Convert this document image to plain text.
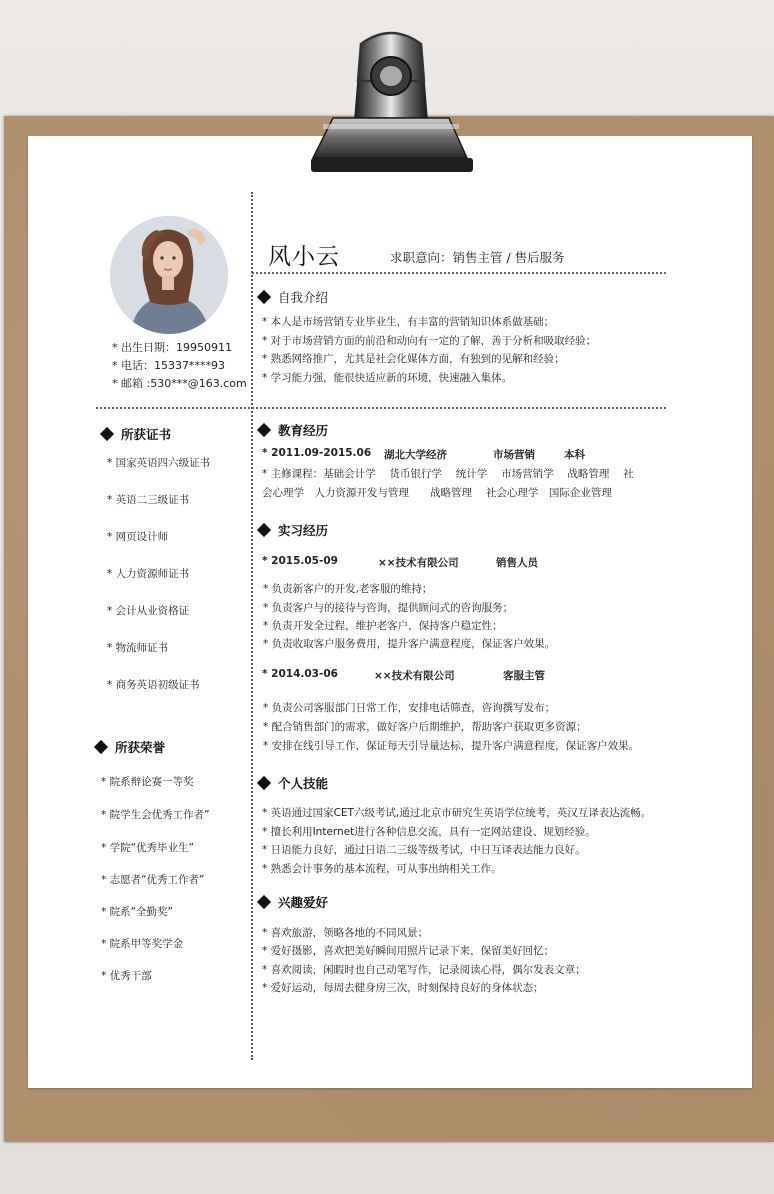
* 出生日期：19950911
* 电话：15337****93
* 邮箱 :530***@163.com
风小云	求职意向：销售主管 / 售后服务
所获证书
* 国家英语四六级证书
* 英语二三级证书
* 网页设计师
* 人力资源师证书
* 会计从业资格证
* 物流师证书
* 商务英语初级证书
所获荣誉
* 院系辩论赛一等奖
* 院学生会优秀工作者”
* 学院“优秀毕业生”
* 志愿者“优秀工作者”
* 院系“全勤奖”
* 院系甲等奖学金
* 优秀干部
自我介绍
* 本人是市场营销专业毕业生，有丰富的营销知识体系做基础；
* 对于市场营销方面的前沿和动向有一定的了解，善于分析和吸取经验；
* 熟悉网络推广，尤其是社会化媒体方面，有独到的见解和经验；
* 学习能力强，能很快适应新的环境，快速融入集体。
教育经历
* 2011.09-2015.06 湖北大学经济	市场营销	本科
* 主修课程：基础会计学　 货币银行学　 统计学　 市场营销学　 战略管理　 社
会心理学　人力资源开发与管理　　战略管理　 社会心理学　国际企业管理
实习经历
* 2015.05-09	××技术有限公司	销售人员
* 负责新客户的开发,老客服的维持；
* 负责客户与的接待与咨询，提供顾问式的咨询服务；
* 负责开发全过程，维护老客户，保持客户稳定性；
* 负责收取客户服务费用，提升客户满意程度，保证客户效果。
* 2014.03-06	××技术有限公司	客服主管
* 负责公司客服部门日常工作，安排电话筛查，咨询撰写发布；
* 配合销售部门的需求，做好客户后期维护，帮助客户获取更多资源；
* 安排在线引导工作，保证每天引导量达标，提升客户满意程度，保证客户效果。
个人技能
* 英语通过国家CET六级考试,通过北京市研究生英语学位统考，英汉互译表达流畅。
* 擅长利用Internet进行各种信息交流，具有一定网站建设、规划经验。
* 日语能力良好，通过日语二三级等级考试，中日互译表达能力良好。
* 熟悉会计事务的基本流程，可从事出纳相关工作。
兴趣爱好
* 喜欢旅游，领略各地的不同风景；
* 爱好摄影，喜欢把美好瞬间用照片记录下来，保留美好回忆；
* 喜欢阅读，闲暇时也自己动笔写作，记录阅读心得，偶尔发表文章；
* 爱好运动，每周去健身房三次，时刻保持良好的身体状态；
